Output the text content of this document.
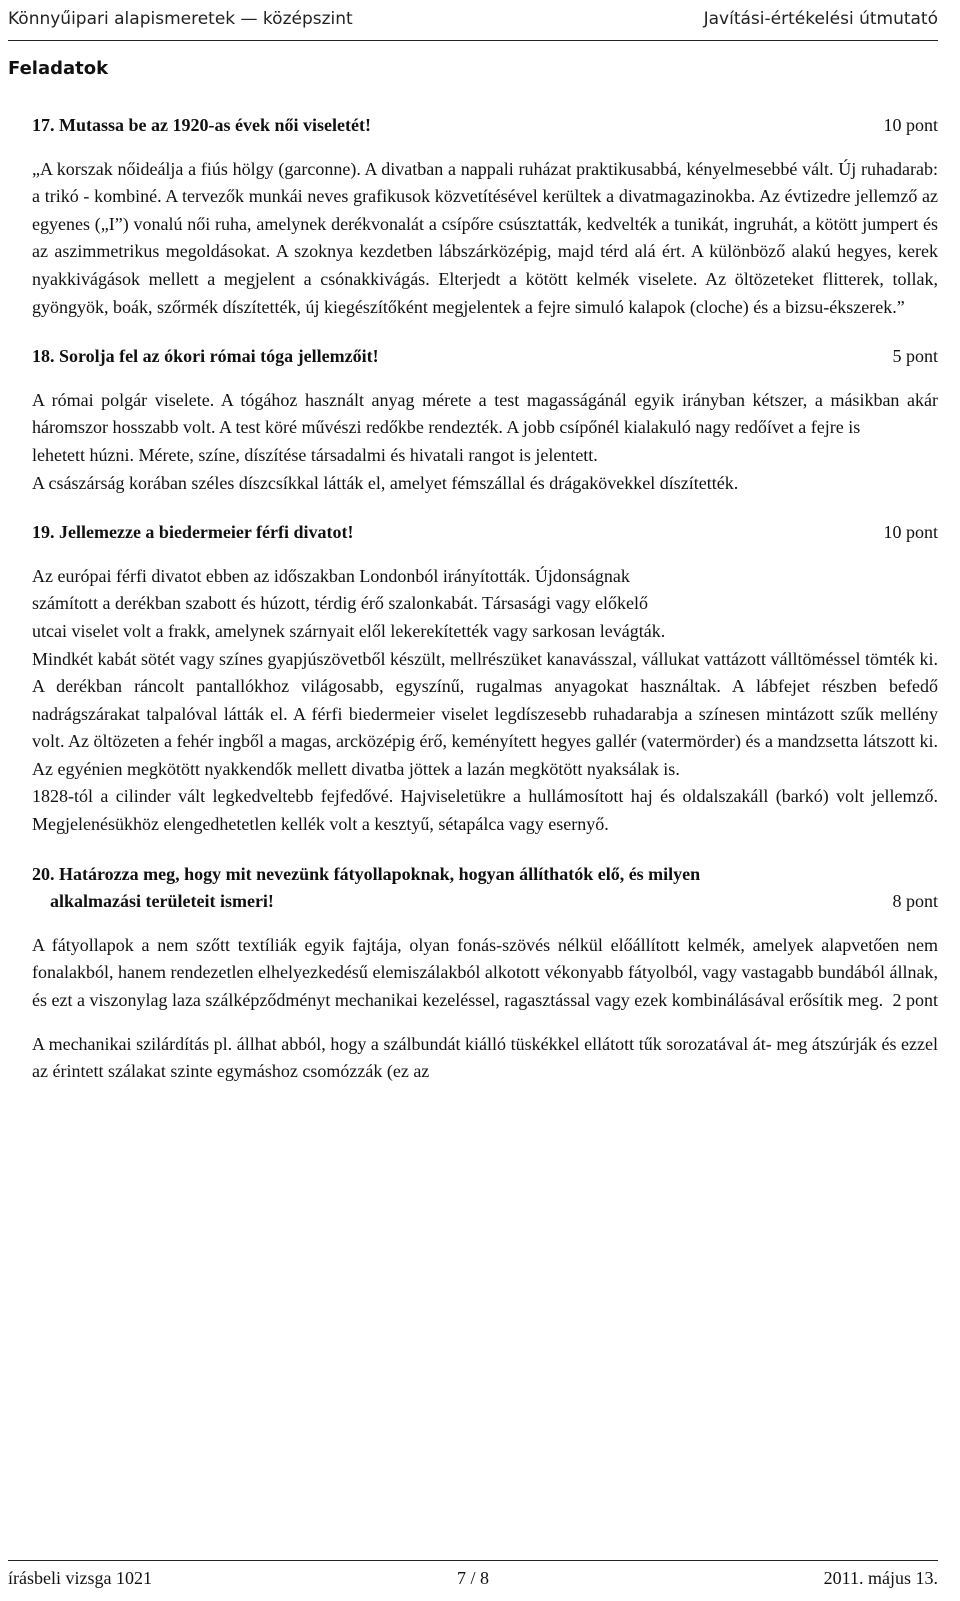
Könnyűipari alapismeretek — középszint	Javítási-értékelési útmutató
Feladatok
17. Mutassa be az 1920-as évek női viseletét!	10 pont

„A korszak nőideálja a fiús hölgy (garconne). A divatban a nappali ruházat praktikusabbá, kényelmesebbé vált. Új ruhadarab: a trikó - kombiné. A tervezők munkái neves grafikusok közvetítésével kerültek a divatmagazinokba. Az évtizedre jellemző az egyenes („I”) vonalú női ruha, amelynek derékvonalát a csípőre csúsztatták, kedvelték a tunikát, ingruhát, a kötött jumpert és az aszimmetrikus megoldásokat. A szoknya kezdetben lábszárközépig, majd térd alá ért. A különböző alakú hegyes, kerek nyakkivágások mellett a megjelent a csónakkivágás. Elterjedt a kötött kelmék viselete. Az öltözeteket flitterek, tollak, gyöngyök, boák, szőrmék díszítették, új kiegészítőként megjelentek a fejre simuló kalapok (cloche) és a bizsu-ékszerek.”

18. Sorolja fel az ókori római tóga jellemzőit!	5 pont

A római polgár viselete. A tógához használt anyag mérete a test magasságánál egyik irányban kétszer, a másikban akár háromszor hosszabb volt. A test köré művészi redőkbe rendezték. A jobb csípőnél kialakuló nagy redőívet a fejre is

lehetett húzni. Mérete, színe, díszítése társadalmi és hivatali rangot is jelentett.

A császárság korában széles díszcsíkkal látták el, amelyet fémszállal és drágakövekkel díszítették.

19. Jellemezze a biedermeier férfi divatot!	10 pont

Az európai férfi divatot ebben az időszakban Londonból irányították. Újdonságnak

számított a derékban szabott és húzott, térdig érő szalonkabát. Társasági vagy előkelő

utcai viselet volt a frakk, amelynek szárnyait elől lekerekítették vagy sarkosan levágták.

Mindkét kabát sötét vagy színes gyapjúszövetből készült, mellrészüket kanavásszal, vállukat vattázott válltöméssel tömték ki. A derékban ráncolt pantallókhoz világosabb, egyszínű, rugalmas anyagokat használtak. A lábfejet részben befedő nadrágszárakat talpalóval látták el. A férfi biedermeier viselet legdíszesebb ruhadarabja a színesen mintázott szűk mellény volt. Az öltözeten a fehér ingből a magas, arcközépig érő, keményített hegyes gallér (vatermörder) és a mandzsetta látszott ki. Az egyénien megkötött nyakkendők mellett divatba jöttek a lazán megkötött nyaksálak is.

1828-tól a cilinder vált legkedveltebb fejfedővé. Hajviseletükre a hullámosított haj és oldalszakáll (barkó) volt jellemző. Megjelenésükhöz elengedhetetlen kellék volt a kesztyű, sétapálca vagy esernyő.

20. Határozza meg, hogy mit nevezünk fátyollapoknak, hogyan állíthatók elő, és milyen

alkalmazási területeit ismeri!	8 pont

A fátyollapok a nem szőtt textíliák egyik fajtája, olyan fonás-szövés nélkül előállított kelmék, amelyek alapvetően nem fonalakból, hanem rendezetlen elhelyezkedésű elemiszálakból alkotott vékonyabb fátyolból, vagy vastagabb bundából állnak, és ezt a viszonylag laza szálképződményt mechanikai kezeléssel, ragasztással vagy ezek kombinálásával erősítik meg. 2 pont

A mechanikai szilárdítás pl. állhat abból, hogy a szálbundát kiálló tüskékkel ellátott tűk sorozatával át- meg átszúrják és ezzel az érintett szálakat szinte egymáshoz csomózzák (ez az

írásbeli vizsga 1021	7 / 8	2011. május 13.
